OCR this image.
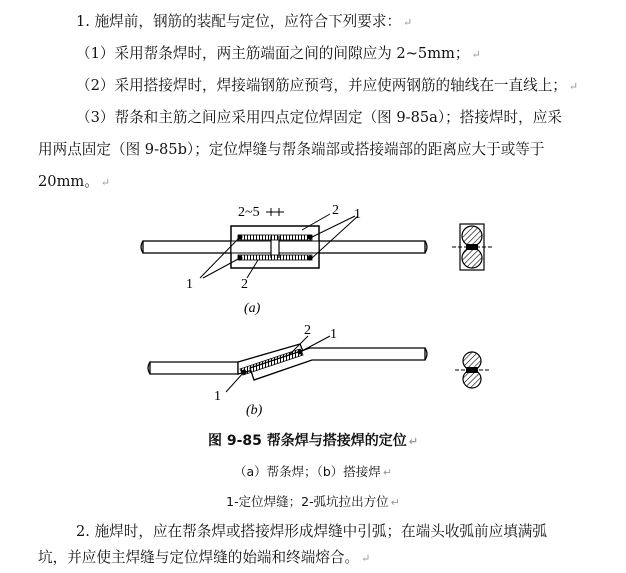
1. 施焊前，钢筋的装配与定位，应符合下列要求： ↵
（1）采用帮条焊时，两主筋端面之间的间隙应为 2~5mm； ↵
（2）采用搭接焊时，焊接端钢筋应预弯，并应使两钢筋的轴线在一直线上； ↵
（3）帮条和主筋之间应采用四点定位焊固定（图 9-85a）；搭接焊时，应采
用两点固定（图 9-85b）；定位焊缝与帮条端部或搭接端部的距离应大于或等于
20mm。 ↵
2~5	2 1
1	2
(a)
2 1
1
(b)
图 9-85 帮条焊与搭接焊的定位 ↵
（a）帮条焊；（b）搭接焊 ↵
1-定位焊缝；2-弧坑拉出方位 ↵
2. 施焊时，应在帮条焊或搭接焊形成焊缝中引弧；在端头收弧前应填满弧
坑，并应使主焊缝与定位焊缝的始端和终端熔合。 ↵
